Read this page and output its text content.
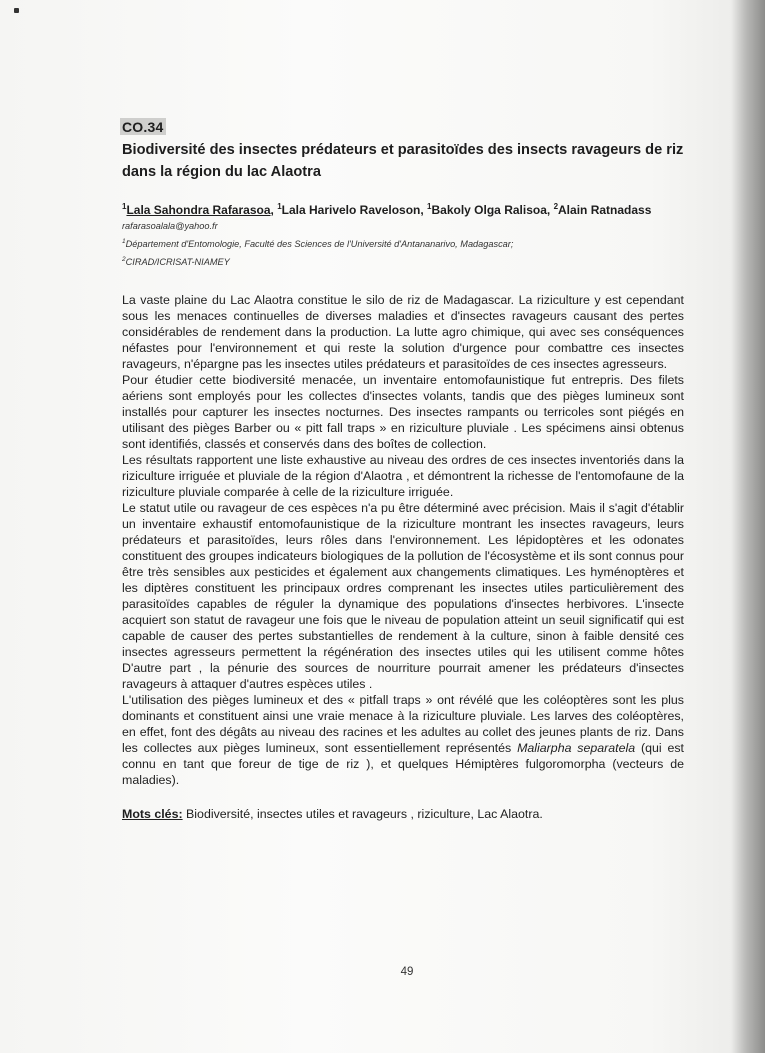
CO.34
Biodiversité des insectes prédateurs et parasitoïdes des insects ravageurs de riz dans la région du lac Alaotra
$^1$Lala Sahondra Rafarasoa, $^1$Lala Harivelo Raveloson, $^1$Bakoly Olga Ralisoa, $^2$Alain Ratnadass
rafarasoalala@yahoo.fr
$^1$Département d'Entomologie, Faculté des Sciences de l'Université d'Antananarivo, Madagascar;
$^2$CIRAD/ICRISAT-NIAMEY

La vaste plaine du Lac Alaotra constitue le silo de riz de Madagascar. La riziculture y est cependant sous les menaces continuelles de diverses maladies et d'insectes ravageurs causant des pertes considérables de rendement dans la production. La lutte agro chimique, qui avec ses conséquences néfastes pour l'environnement et qui reste la solution d'urgence pour combattre ces insectes ravageurs, n'épargne pas les insectes utiles prédateurs et parasitoïdes de ces insectes agresseurs.

Pour étudier cette biodiversité menacée, un inventaire entomofaunistique fut entrepris. Des filets aériens sont employés pour les collectes d'insectes volants, tandis que des pièges lumineux sont installés pour capturer les insectes nocturnes. Des insectes rampants ou terricoles sont piégés en utilisant des pièges Barber ou « pitt fall traps » en riziculture pluviale . Les spécimens ainsi obtenus sont identifiés, classés et conservés dans des boîtes de collection.

Les résultats rapportent une liste exhaustive au niveau des ordres de ces insectes inventoriés dans la riziculture irriguée et pluviale de la région d'Alaotra , et démontrent la richesse de l'entomofaune de la riziculture pluviale comparée à celle de la riziculture irriguée.

Le statut utile ou ravageur de ces espèces n'a pu être déterminé avec précision. Mais il s'agit d'établir un inventaire exhaustif entomofaunistique de la riziculture montrant les insectes ravageurs, leurs prédateurs et parasitoïdes, leurs rôles dans l'environnement. Les lépidoptères et les odonates constituent des groupes indicateurs biologiques de la pollution de l'écosystème et ils sont connus pour être très sensibles aux pesticides et également aux changements climatiques. Les hyménoptères et les diptères constituent les principaux ordres comprenant les insectes utiles particulièrement des parasitoïdes capables de réguler la dynamique des populations d'insectes herbivores. L'insecte acquiert son statut de ravageur une fois que le niveau de population atteint un seuil significatif qui est capable de causer des pertes substantielles de rendement à la culture, sinon à faible densité ces insectes agresseurs permettent la régénération des insectes utiles qui les utilisent comme hôtes D'autre part , la pénurie des sources de nourriture pourrait amener les prédateurs d'insectes ravageurs à attaquer d'autres espèces utiles .

L'utilisation des pièges lumineux et des « pitfall traps » ont révélé que les coléoptères sont les plus dominants et constituent ainsi une vraie menace à la riziculture pluviale. Les larves des coléoptères, en effet, font des dégâts au niveau des racines et les adultes au collet des jeunes plants de riz. Dans les collectes aux pièges lumineux, sont essentiellement représentés Maliarpha separatela (qui est connu en tant que foreur de tige de riz ), et quelques Hémiptères fulgoromorpha (vecteurs de maladies).

Mots clés: Biodiversité, insectes utiles et ravageurs , riziculture, Lac Alaotra.
49
